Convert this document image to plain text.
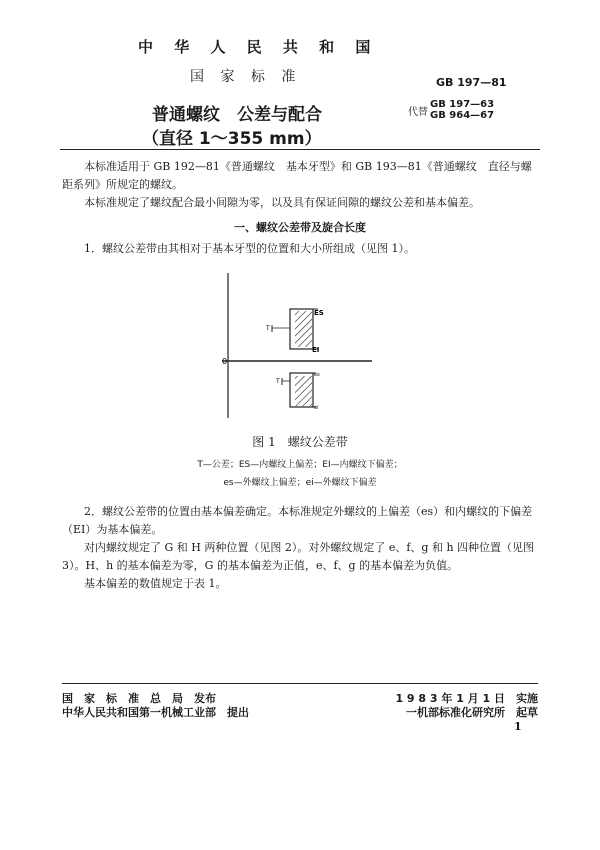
中 华 人 民 共 和 国
国 家 标 准	GB 197—81
普通螺纹　公差与配合
（直径 1～355 mm）
代替
GB 197—63
GB 964—67

本标准适用于 GB 192—81《普通螺纹　基本牙型》和 GB 193—81《普通螺纹　直径与螺距系列》所规定的螺纹。

本标准规定了螺纹配合最小间隙为零，以及具有保证间隙的螺纹公差和基本偏差。

一、螺纹公差带及旋合长度
1．螺纹公差带由其相对于基本牙型的位置和大小所组成（见图 1）。
0
ES
EI
T
es
ei
T
图 1　螺纹公差带
T—公差；ES—内螺纹上偏差；EI—内螺纹下偏差；
es—外螺纹上偏差；ei—外螺纹下偏差

2．螺纹公差带的位置由基本偏差确定。本标准规定外螺纹的上偏差（es）和内螺纹的下偏差（EI）为基本偏差。

对内螺纹规定了 G 和 H 两种位置（见图 2）。对外螺纹规定了 e、f、g 和 h 四种位置（见图 3）。H、h 的基本偏差为零，G 的基本偏差为正值，e、f、g 的基本偏差为负值。

基本偏差的数值规定于表 1。

国　家　标　准　总　局　发布	1 9 8 3 年 1 月 1 日　实施
中华人民共和国第一机械工业部　提出	一机部标准化研究所　起草
1
